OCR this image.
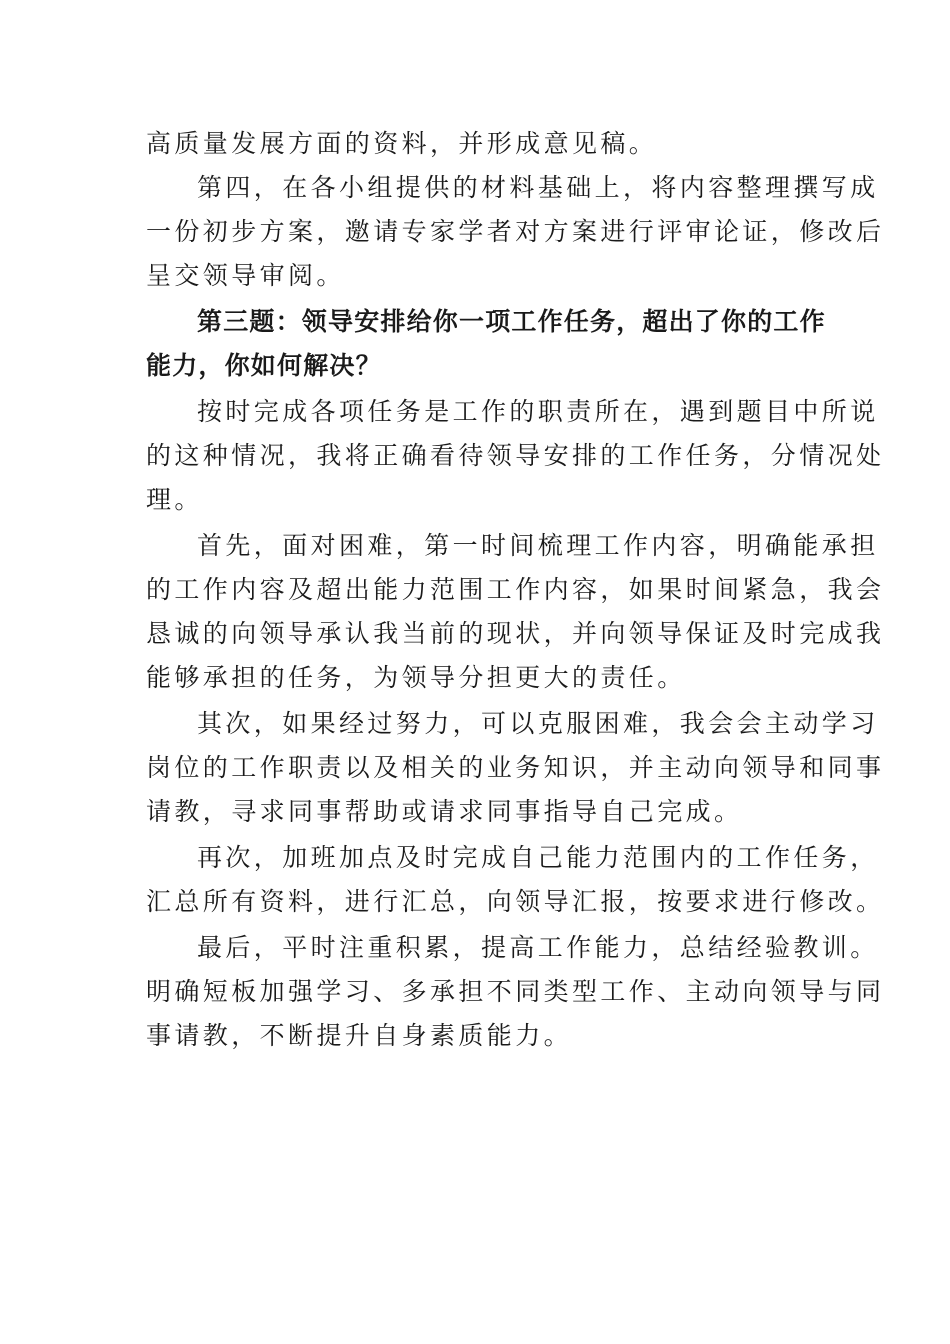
高质量发展方面的资料，并形成意见稿。
第四，在各小组提供的材料基础上，将内容整理撰写成
一份初步方案，邀请专家学者对方案进行评审论证，修改后
呈交领导审阅。
第三题：领导安排给你一项工作任务，超出了你的工作
能力，你如何解决？
按时完成各项任务是工作的职责所在，遇到题目中所说
的这种情况，我将正确看待领导安排的工作任务，分情况处
理。
首先，面对困难，第一时间梳理工作内容，明确能承担
的工作内容及超出能力范围工作内容，如果时间紧急，我会
恳诚的向领导承认我当前的现状，并向领导保证及时完成我
能够承担的任务，为领导分担更大的责任。
其次，如果经过努力，可以克服困难，我会会主动学习
岗位的工作职责以及相关的业务知识，并主动向领导和同事
请教，寻求同事帮助或请求同事指导自己完成。
再次，加班加点及时完成自己能力范围内的工作任务，
汇总所有资料，进行汇总，向领导汇报，按要求进行修改。
最后，平时注重积累，提高工作能力，总结经验教训。
明确短板加强学习、多承担不同类型工作、主动向领导与同
事请教，不断提升自身素质能力。
